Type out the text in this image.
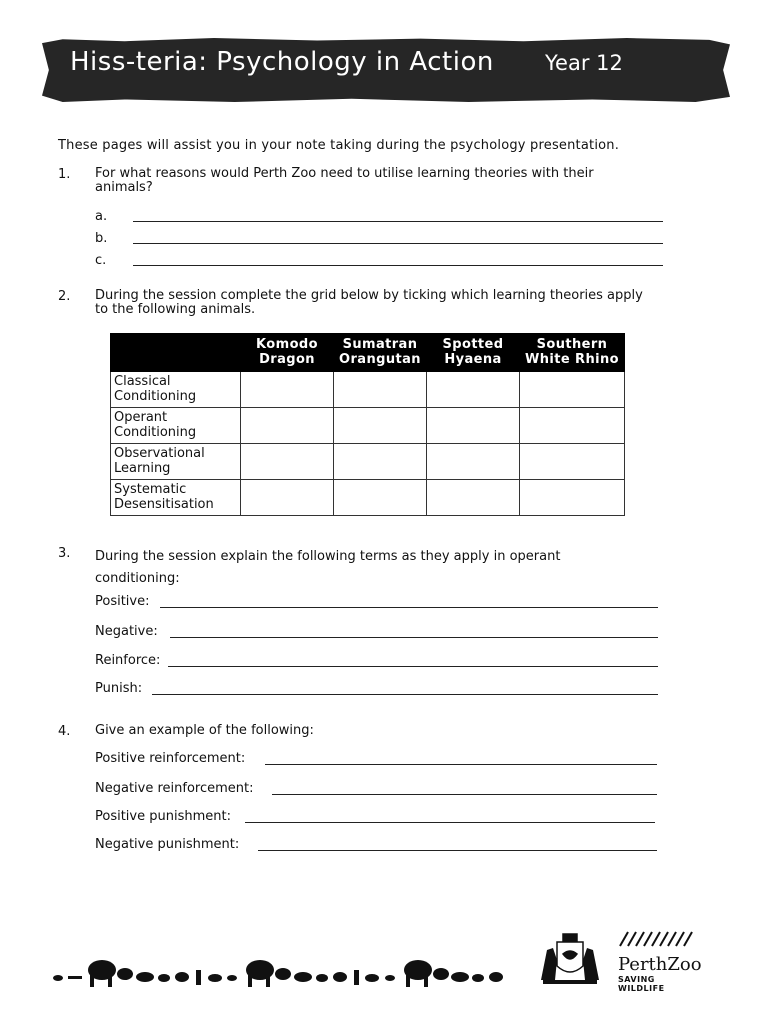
Hiss-teria: Psychology in Action Year 12
These pages will assist you in your note taking during the psychology presentation.
1. For what reasons would Perth Zoo need to utilise learning theories with their animals?
a.
b.
c.
2. During the session complete the grid below by ticking which learning theories apply to the following animals.
	Komodo Dragon	Sumatran Orangutan	Spotted Hyaena	Southern White Rhino
Classical Conditioning				
Operant Conditioning				
Observational Learning				
Systematic Desensitisation				
3. During the session explain the following terms as they apply in operant conditioning:
Positive:
Negative:
Reinforce:
Punish:
4. Give an example of the following:
Positive reinforcement:
Negative reinforcement:
Positive punishment:
Negative punishment:
PerthZoo
SAVING WILDLIFE
